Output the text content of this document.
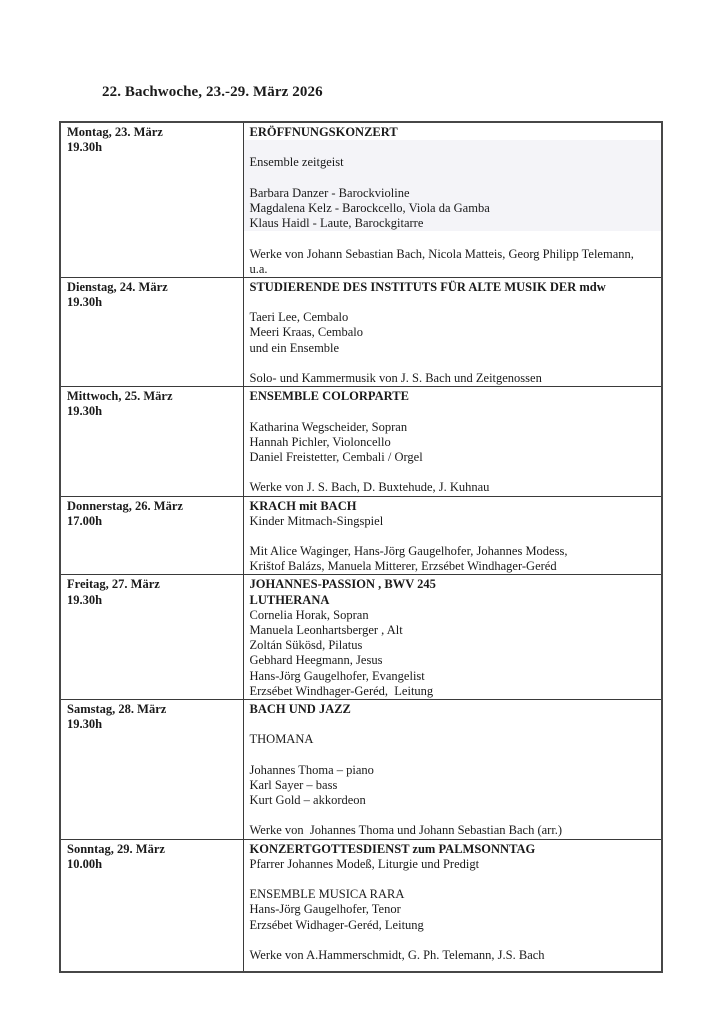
22. Bachwoche, 23.-29. März 2026
Montag, 23. März
19.30h

ERÖFFNUNGSKONZERT

Ensemble zeitgeist

Barbara Danzer - Barockvioline
Magdalena Kelz - Barockcello, Viola da Gamba
Klaus Haidl - Laute, Barockgitarre

Werke von Johann Sebastian Bach, Nicola Matteis, Georg Philipp Telemann,
u.a.

Dienstag, 24. März
19.30h

STUDIERENDE DES INSTITUTS FÜR ALTE MUSIK DER mdw

Taeri Lee, Cembalo
Meeri Kraas, Cembalo
und ein Ensemble

Solo- und Kammermusik von J. S. Bach und Zeitgenossen

Mittwoch, 25. März
19.30h

ENSEMBLE COLORPARTE

Katharina Wegscheider, Sopran
Hannah Pichler, Violoncello
Daniel Freistetter, Cembali / Orgel

Werke von J. S. Bach, D. Buxtehude, J. Kuhnau

Donnerstag, 26. März
17.00h

KRACH mit BACH
Kinder Mitmach-Singspiel

Mit Alice Waginger, Hans-Jörg Gaugelhofer, Johannes Modess,
Krištof Balázs, Manuela Mitterer, Erzsébet Windhager-Geréd

Freitag, 27. März
19.30h

JOHANNES-PASSION , BWV 245
LUTHERANA
Cornelia Horak, Sopran
Manuela Leonhartsberger , Alt
Zoltán Sükösd, Pilatus
Gebhard Heegmann, Jesus
Hans-Jörg Gaugelhofer, Evangelist
Erzsébet Windhager-Geréd,  Leitung

Samstag, 28. März
19.30h

BACH UND JAZZ

THOMANA

Johannes Thoma – piano
Karl Sayer – bass
Kurt Gold – akkordeon

Werke von  Johannes Thoma und Johann Sebastian Bach (arr.)

Sonntag, 29. März
10.00h

KONZERTGOTTESDIENST zum PALMSONNTAG
Pfarrer Johannes Modeß, Liturgie und Predigt

ENSEMBLE MUSICA RARA
Hans-Jörg Gaugelhofer, Tenor
Erzsébet Widhager-Geréd, Leitung

Werke von A.Hammerschmidt, G. Ph. Telemann, J.S. Bach
